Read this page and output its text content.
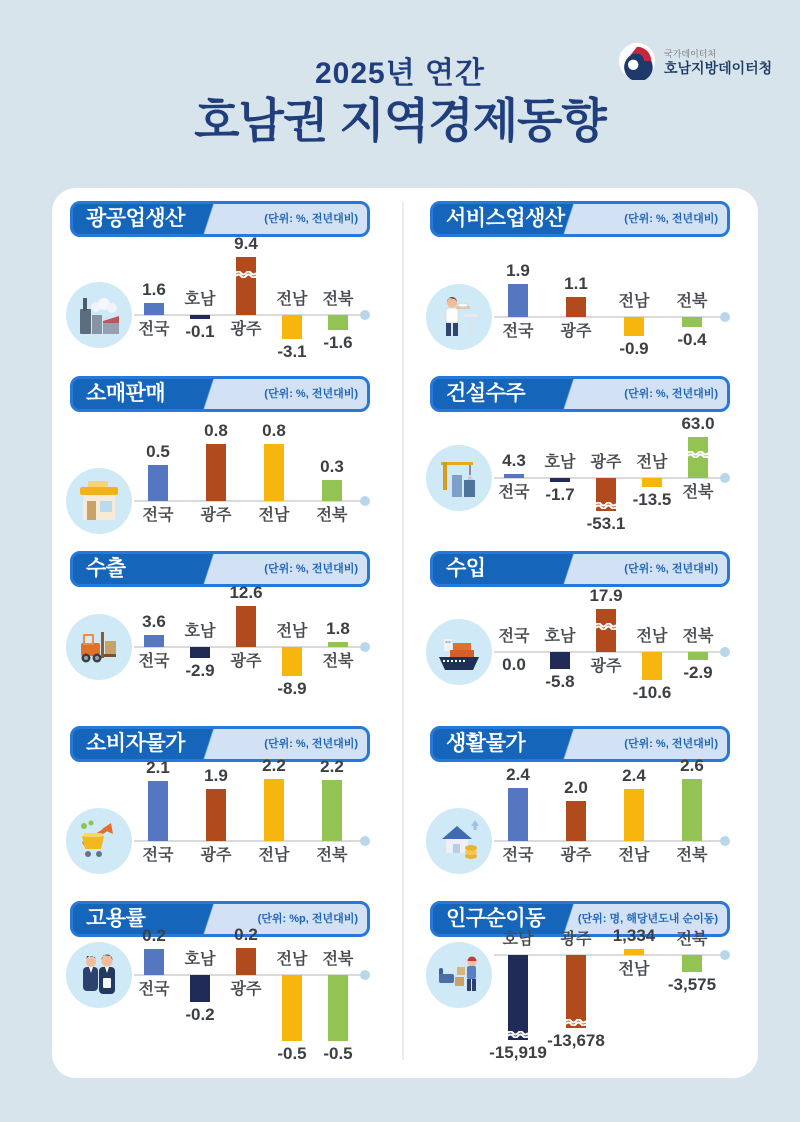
2025년 연간
호남권 지역경제동향
국가데이터처
호남지방데이터청
광공업생산	(단위: %, 전년대비)
1.6
전국 -0.1
호남
9.4
광주
-3.1
전남
-1.6
전북
서비스업생산	(단위: %, 전년대비)
1.9
전국
1.1
광주
-0.9
전남
-0.4
전북
소매판매	(단위: %, 전년대비)
0.5
전국
0.8
광주
0.8
전남
0.3
전북
건설수주	(단위: %, 전년대비)
4.3
전국 -1.7
호남
-53.1
광주
-13.5
전남
63.0
전북
수출	(단위: %, 전년대비)
3.6
전국 -2.9
호남
12.6
광주
-8.9
전남	1.8
전북
수입	(단위: %, 전년대비)
0.0
전국
-5.8
호남
17.9
광주
-10.6
전남
-2.9
전북
소비자물가	(단위: %, 전년대비)
2.1
전국
1.9
광주
2.2
전남
2.2
전북
생활물가	(단위: %, 전년대비)
2.4
전국
2.0
광주
2.4
전남
2.6
전북
고용률	(단위: %p, 전년대비)
0.2
전국
-0.2
호남
0.2
광주
-0.5
전남
-0.5
전북
인구순이동	(단위: 명, 해당년도내 순이동)
-15,919
호남
-13,678
광주	1,334
전남
-3,575
전북
